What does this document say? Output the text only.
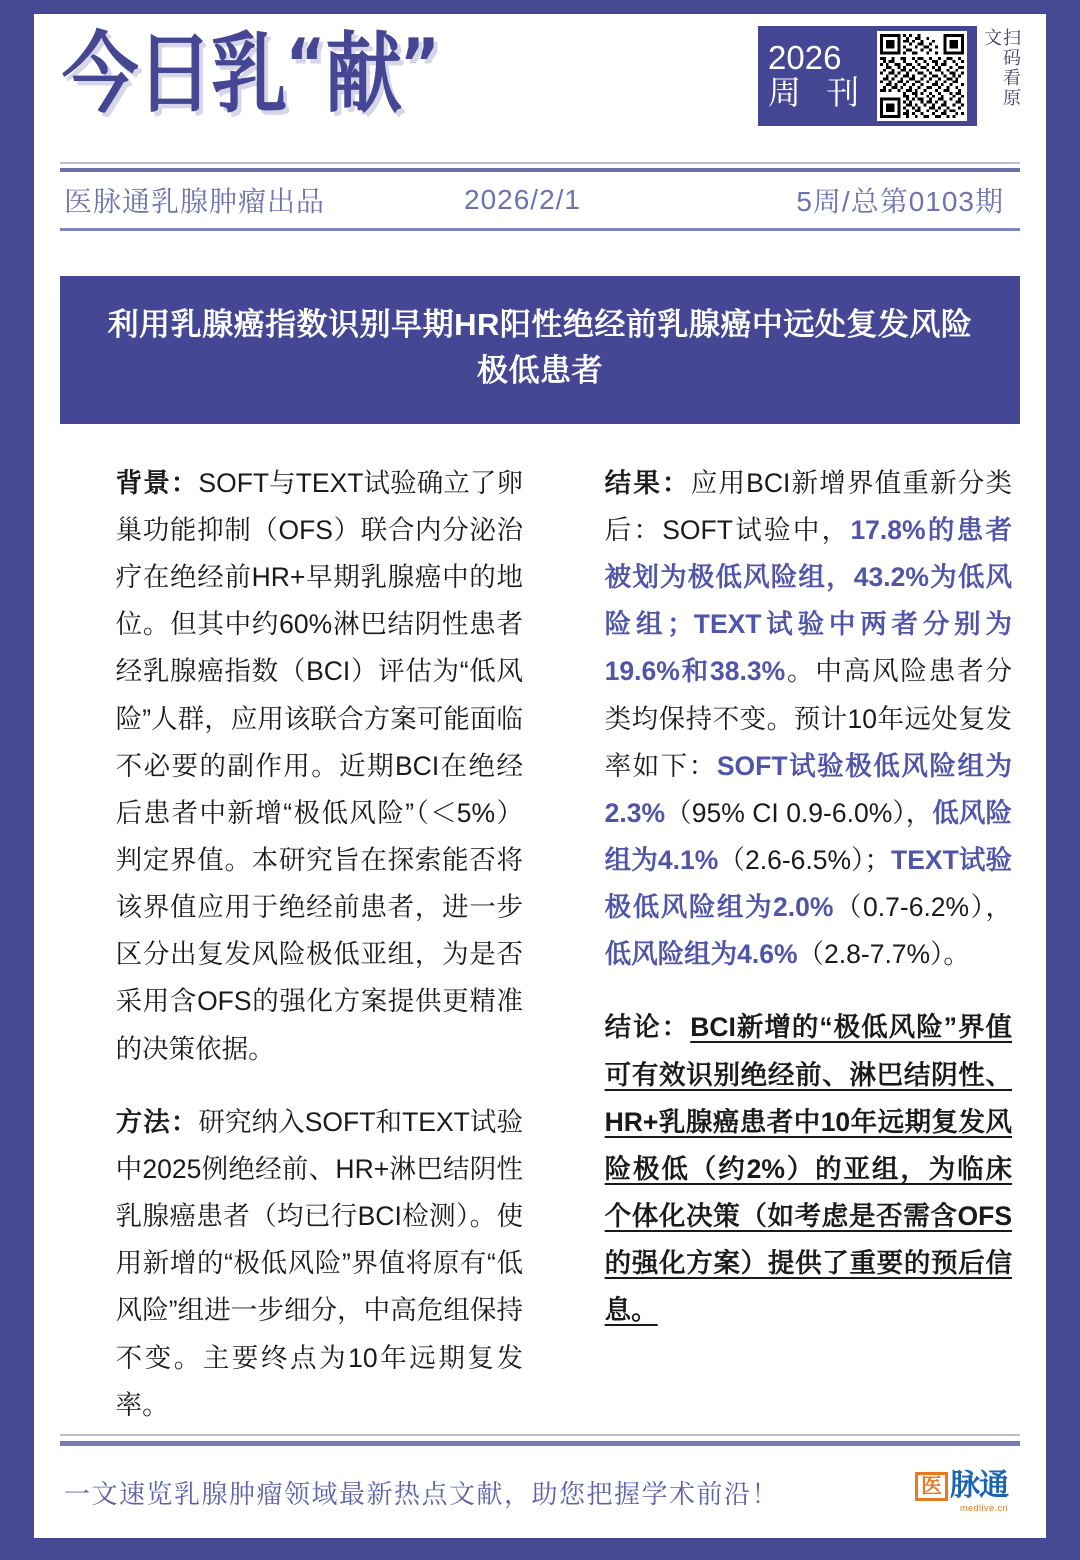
今日乳“献”	2026
周 刊	扫码看原文
医脉通乳腺肿瘤出品	2026/2/1	5周/总第0103期
利用乳腺癌指数识别早期HR阳性绝经前乳腺癌中远处复发风险极低患者

背景：SOFT与TEXT试验确立了卵巢功能抑制（OFS）联合内分泌治疗在绝经前HR+早期乳腺癌中的地位。但其中约60%淋巴结阴性患者经乳腺癌指数（BCI）评估为“低风险”人群，应用该联合方案可能面临不必要的副作用。近期BCI在绝经后患者中新增“极低风险”（＜5%）判定界值。本研究旨在探索能否将该界值应用于绝经前患者，进一步区分出复发风险极低亚组，为是否采用含OFS的强化方案提供更精准的决策依据。

方法：研究纳入SOFT和TEXT试验中2025例绝经前、HR+淋巴结阴性乳腺癌患者（均已行BCI检测）。使用新增的“极低风险”界值将原有“低风险”组进一步细分，中高危组保持不变。主要终点为10年远期复发率。

结果：应用BCI新增界值重新分类后：SOFT试验中，17.8%的患者被划为极低风险组，43.2%为低风险组；TEXT试验中两者分别为19.6%和38.3%。中高风险患者分类均保持不变。预计10年远处复发率如下：SOFT试验极低风险组为2.3%（95% CI 0.9-6.0%），低风险组为4.1%（2.6-6.5%）；TEXT试验极低风险组为2.0%（0.7-6.2%），低风险组为4.6%（2.8-7.7%）。

结论：BCI新增的“极低风险”界值可有效识别绝经前、淋巴结阴性、HR+乳腺癌患者中10年远期复发风险极低（约2%）的亚组，为临床个体化决策（如考虑是否需含OFS的强化方案）提供了重要的预后信息。

一文速览乳腺肿瘤领域最新热点文献，助您把握学术前沿！	医 脉通
medlive.cn
